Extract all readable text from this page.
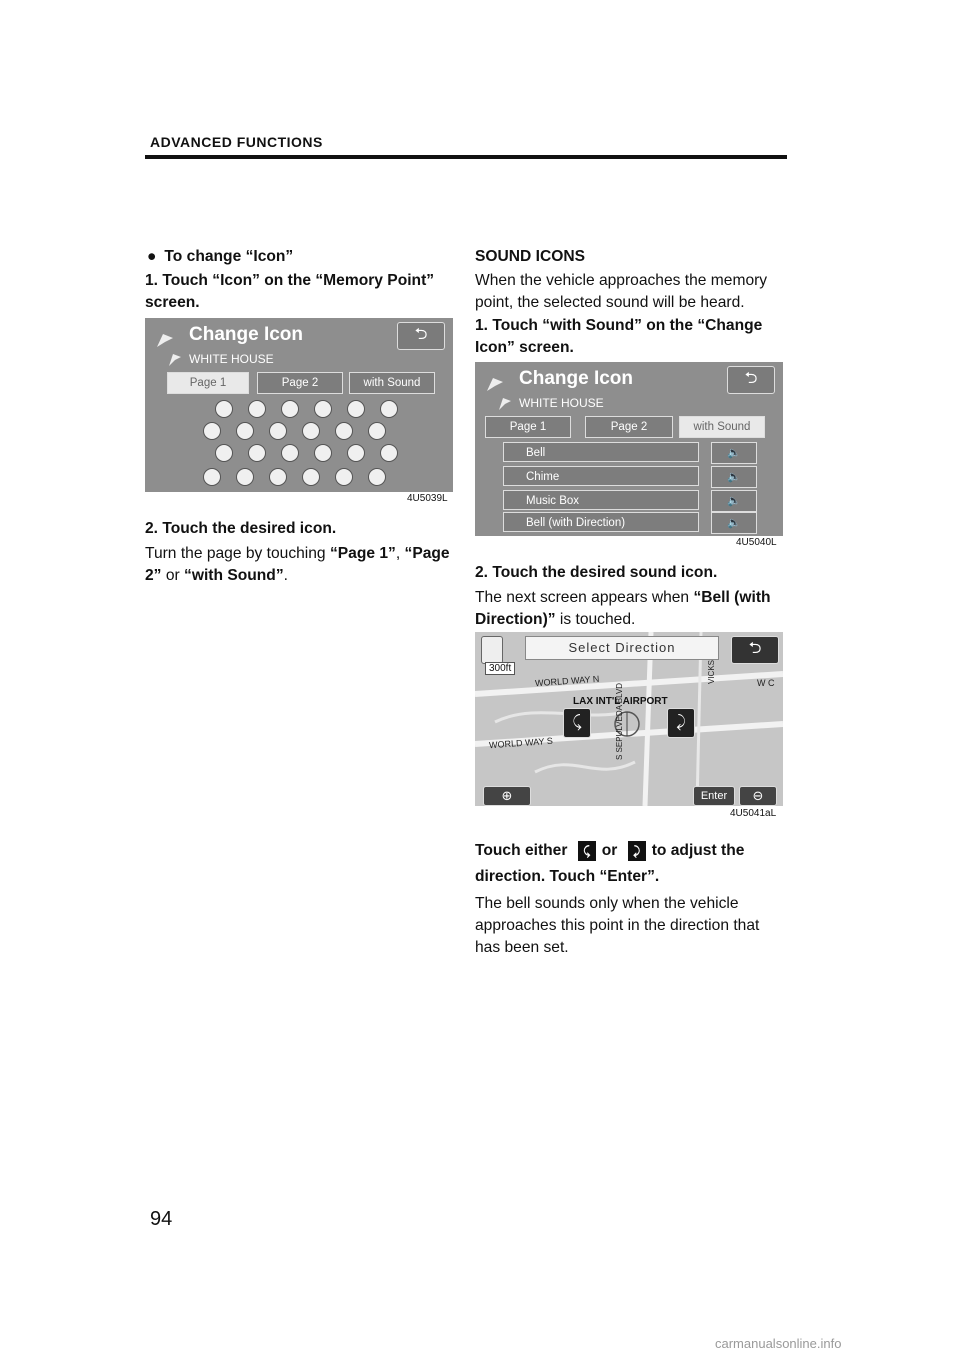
ADVANCED FUNCTIONS
● To change “Icon”
1. Touch “Icon” on the “Memory Point” screen.
Change Icon	⮌
WHITE HOUSE
Page 1	Page 2	with Sound
4U5039L
2. Touch the desired icon.
Turn the page by touching “Page 1”, “Page 2” or “with Sound”.
SOUND ICONS
When the vehicle approaches the memory point, the selected sound will be heard.
1. Touch “with Sound” on the “Change Icon” screen.
Change Icon	⮌
WHITE HOUSE
Page 1	Page 2	with Sound
Bell	🔈
Chime	🔈
Music Box	🔈
Bell (with Direction)	🔈
4U5040L
2. Touch the desired sound icon.
The next screen appears when “Bell (with Direction)” is touched.
300ft
Select Direction	⮌
WORLD WAY N
WORLD WAY S
LAX INT'L AIRPORT
S SEPULVEDA BLVD
VICKS	W C
⤹	⤸
⊕	Enter	⊖
4U5041aL
Touch either ⤹ or ⤸ to adjust the
direction. Touch “Enter”.
The bell sounds only when the vehicle approaches this point in the direction that has been set.
94
carmanualsonline.info
